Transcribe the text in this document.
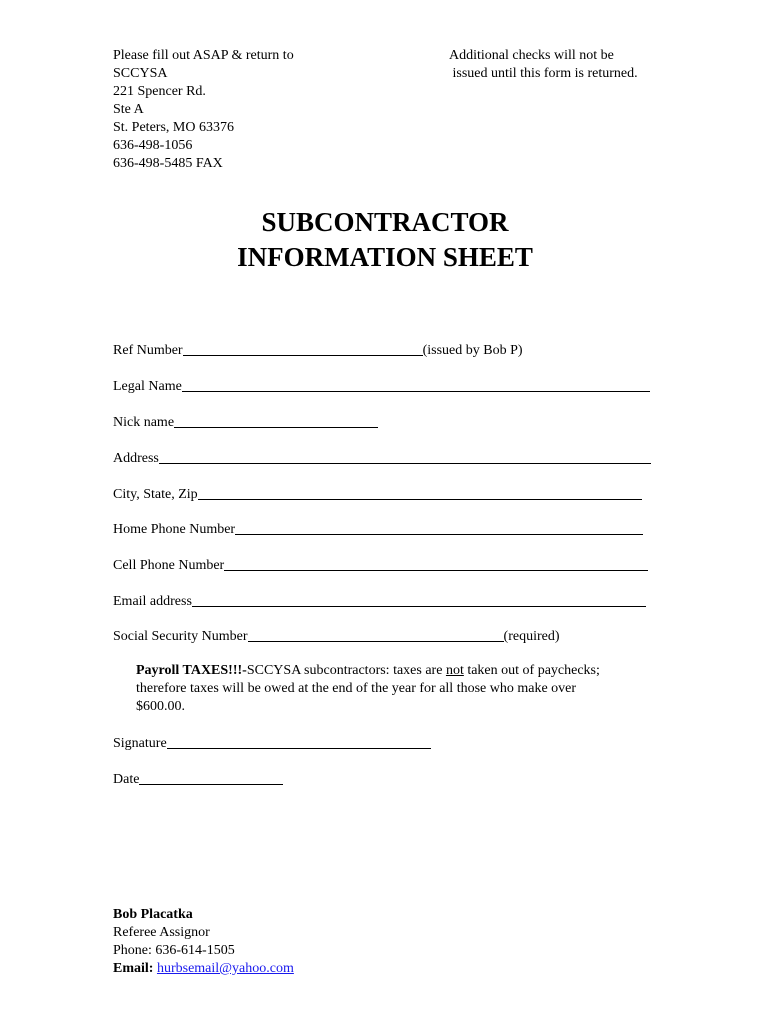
Please fill out ASAP & return to
SCCYSA
221 Spencer Rd.
Ste A
St. Peters, MO 63376
636-498-1056
636-498-5485 FAX
Additional checks will not be
issued until this form is returned.
SUBCONTRACTOR
INFORMATION SHEET
Ref Number	(issued by Bob P)
Legal Name
Nick name
Address
City, State, Zip
Home Phone Number
Cell Phone Number
Email address
Social Security Number	(required)
Payroll TAXES!!!-SCCYSA subcontractors: taxes are not taken out of paychecks;
therefore taxes will be owed at the end of the year for all those who make over
$600.00.
Signature
Date
Bob Placatka
Referee Assignor
Phone: 636-614-1505
Email: hurbsemail@yahoo.com
